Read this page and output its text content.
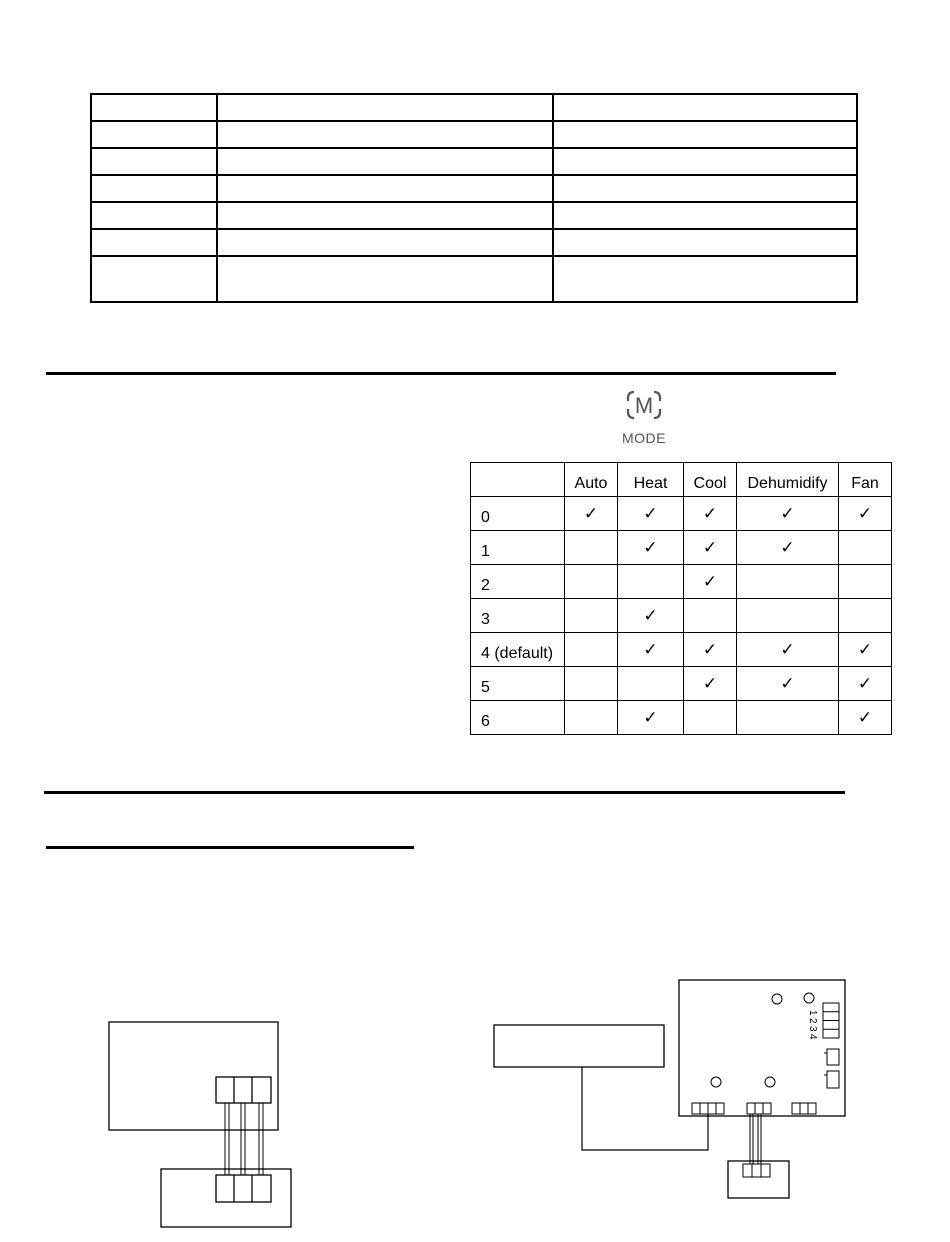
M
MODE
	Auto	Heat	Cool	Dehumidify	Fan
0	✓	✓	✓	✓	✓
1		✓	✓	✓	
2			✓		
3		✓			
4 (default)		✓	✓	✓	✓
5			✓	✓	✓
6		✓			✓
1
2
3
4
